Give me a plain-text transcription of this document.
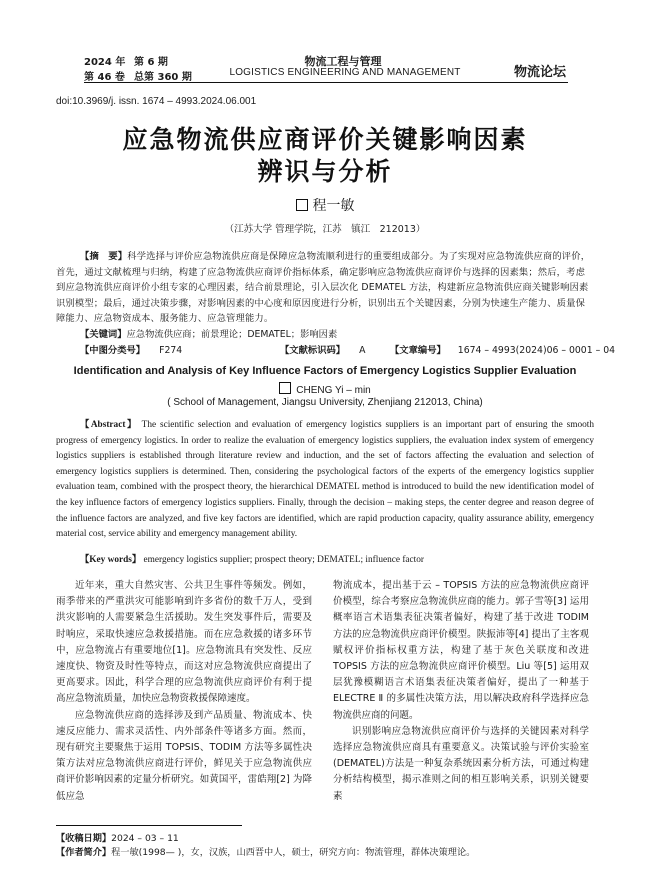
2024 年 第 6 期
第 46 卷 总第 360 期
物流工程与管理
LOGISTICS ENGINEERING AND MANAGEMENT	物流论坛
doi:10.3969/j. issn. 1674 – 4993.2024.06.001
应急物流供应商评价关键影响因素
辨识与分析
程一敏
（江苏大学 管理学院，江苏　镇江　212013）
【摘　要】科学选择与评价应急物流供应商是保障应急物流顺利进行的重要组成部分。为了实现对应急物流供应商的评价，首先，通过文献梳理与归纳，构建了应急物流供应商评价指标体系，确定影响应急物流供应商评价与选择的因素集；然后，考虑到应急物流供应商评价小组专家的心理因素，结合前景理论，引入层次化 DEMATEL 方法，构建新应急物流供应商关键影响因素识别模型；最后，通过决策步骤，对影响因素的中心度和原因度进行分析，识别出五个关键因素，分别为快速生产能力、质量保障能力、应急物资成本、服务能力、应急管理能力。
【关键词】应急物流供应商；前景理论；DEMATEL；影响因素
【中图分类号】 F274	【文献标识码】 A	【文章编号】 1674 – 4993(2024)06 – 0001 – 04
Identification and Analysis of Key Influence Factors of Emergency Logistics Supplier Evaluation
CHENG Yi – min
( School of Management, Jiangsu University, Zhenjiang 212013, China)
【Abstract】 The scientific selection and evaluation of emergency logistics suppliers is an important part of ensuring the smooth progress of emergency logistics. In order to realize the evaluation of emergency logistics suppliers, the evaluation index system of emergency logistics suppliers is established through literature review and induction, and the set of factors affecting the evaluation and selection of emergency logistics suppliers is determined. Then, considering the psychological factors of the experts of the emergency logistics supplier evaluation team, combined with the prospect theory, the hierarchical DEMATEL method is introduced to build the new identification model of the key influence factors of emergency logistics suppliers. Finally, through the decision – making steps, the center degree and reason degree of the influence factors are analyzed, and five key factors are identified, which are rapid production capacity, quality assurance ability, emergency material cost, service ability and emergency management ability.
【Key words】 emergency logistics supplier; prospect theory; DEMATEL; influence factor

近年来，重大自然灾害、公共卫生事件等频发。例如，雨季带来的严重洪灾可能影响到许多省份的数千万人，受到洪灾影响的人需要紧急生活援助。发生突发事件后，需要及时响应，采取快速应急救援措施。而在应急救援的诸多环节中，应急物流占有重要地位[1]。应急物流具有突发性、反应速度快、物资及时性等特点，而这对应急物流供应商提出了更高要求。因此，科学合理的应急物流供应商评价有利于提高应急物流质量，加快应急物资救援保障速度。

应急物流供应商的选择涉及到产品质量、物流成本、快速反应能力、需求灵活性、内外部条件等诸多方面。然而，现有研究主要聚焦于运用 TOPSIS、TODIM 方法等多属性决策方法对应急物流供应商进行评价，鲜见关于应急物流供应商评价影响因素的定量分析研究。如黄国平，雷皓翔[2] 为降低应急

物流成本，提出基于云 – TOPSIS 方法的应急物流供应商评价模型，综合考察应急物流供应商的能力。郭子雪等[3] 运用概率语言术语集表征决策者偏好，构建了基于改进 TODIM 方法的应急物流供应商评价模型。陕振沛等[4] 提出了主客观赋权评价指标权重方法，构建了基于灰色关联度和改进 TOPSIS 方法的应急物流供应商评价模型。Liu 等[5] 运用双层犹豫模糊语言术语集表征决策者偏好，提出了一种基于 ELECTRE Ⅱ 的多属性决策方法，用以解决政府科学选择应急物流供应商的问题。

识别影响应急物流供应商评价与选择的关键因素对科学选择应急物流供应商具有重要意义。决策试验与评价实验室(DEMATEL)方法是一种复杂系统因素分析方法，可通过构建分析结构模型，揭示准则之间的相互影响关系，识别关键要素

【收稿日期】2024 – 03 – 11
【作者简介】程一敏(1998— )，女，汉族，山西晋中人，硕士，研究方向：物流管理，群体决策理论。
